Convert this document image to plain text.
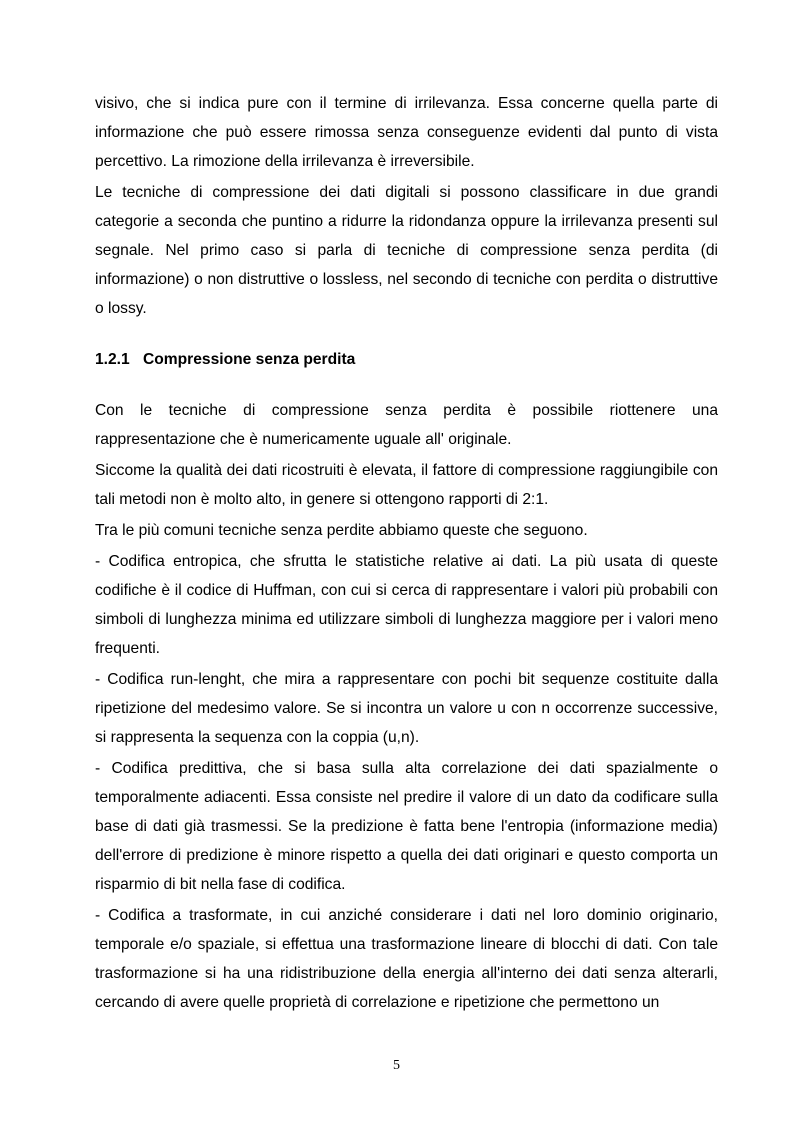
visivo, che si indica pure con il termine di irrilevanza. Essa concerne quella parte di informazione che può essere rimossa senza conseguenze evidenti dal punto di vista percettivo. La rimozione della irrilevanza è irreversibile.

Le tecniche di compressione dei dati digitali si possono classificare in due grandi categorie a seconda che puntino a ridurre la ridondanza oppure la irrilevanza presenti sul segnale. Nel primo caso si parla di tecniche di compressione senza perdita (di informazione) o non distruttive o lossless, nel secondo di tecniche con perdita o distruttive o lossy.

1.2.1 Compressione senza perdita

Con le tecniche di compressione senza perdita è possibile riottenere una rappresentazione che è numericamente uguale all' originale.

Siccome la qualità dei dati ricostruiti è elevata, il fattore di compressione raggiungibile con tali metodi non è molto alto, in genere si ottengono rapporti di 2:1.

Tra le più comuni tecniche senza perdite abbiamo queste che seguono.

- Codifica entropica, che sfrutta le statistiche relative ai dati. La più usata di queste codifiche è il codice di Huffman, con cui si cerca di rappresentare i valori più probabili con simboli di lunghezza minima ed utilizzare simboli di lunghezza maggiore per i valori meno frequenti.

- Codifica run-lenght, che mira a rappresentare con pochi bit sequenze costituite dalla ripetizione del medesimo valore. Se si incontra un valore u con n occorrenze successive, si rappresenta la sequenza con la coppia (u,n).

- Codifica predittiva, che si basa sulla alta correlazione dei dati spazialmente o temporalmente adiacenti. Essa consiste nel predire il valore di un dato da codificare sulla base di dati già trasmessi. Se la predizione è fatta bene l'entropia (informazione media) dell'errore di predizione è minore rispetto a quella dei dati originari e questo comporta un risparmio di bit nella fase di codifica.

- Codifica a trasformate, in cui anziché considerare i dati nel loro dominio originario, temporale e/o spaziale, si effettua una trasformazione lineare di blocchi di dati. Con tale trasformazione si ha una ridistribuzione della energia all'interno dei dati senza alterarli, cercando di avere quelle proprietà di correlazione e ripetizione che permettono un

5
